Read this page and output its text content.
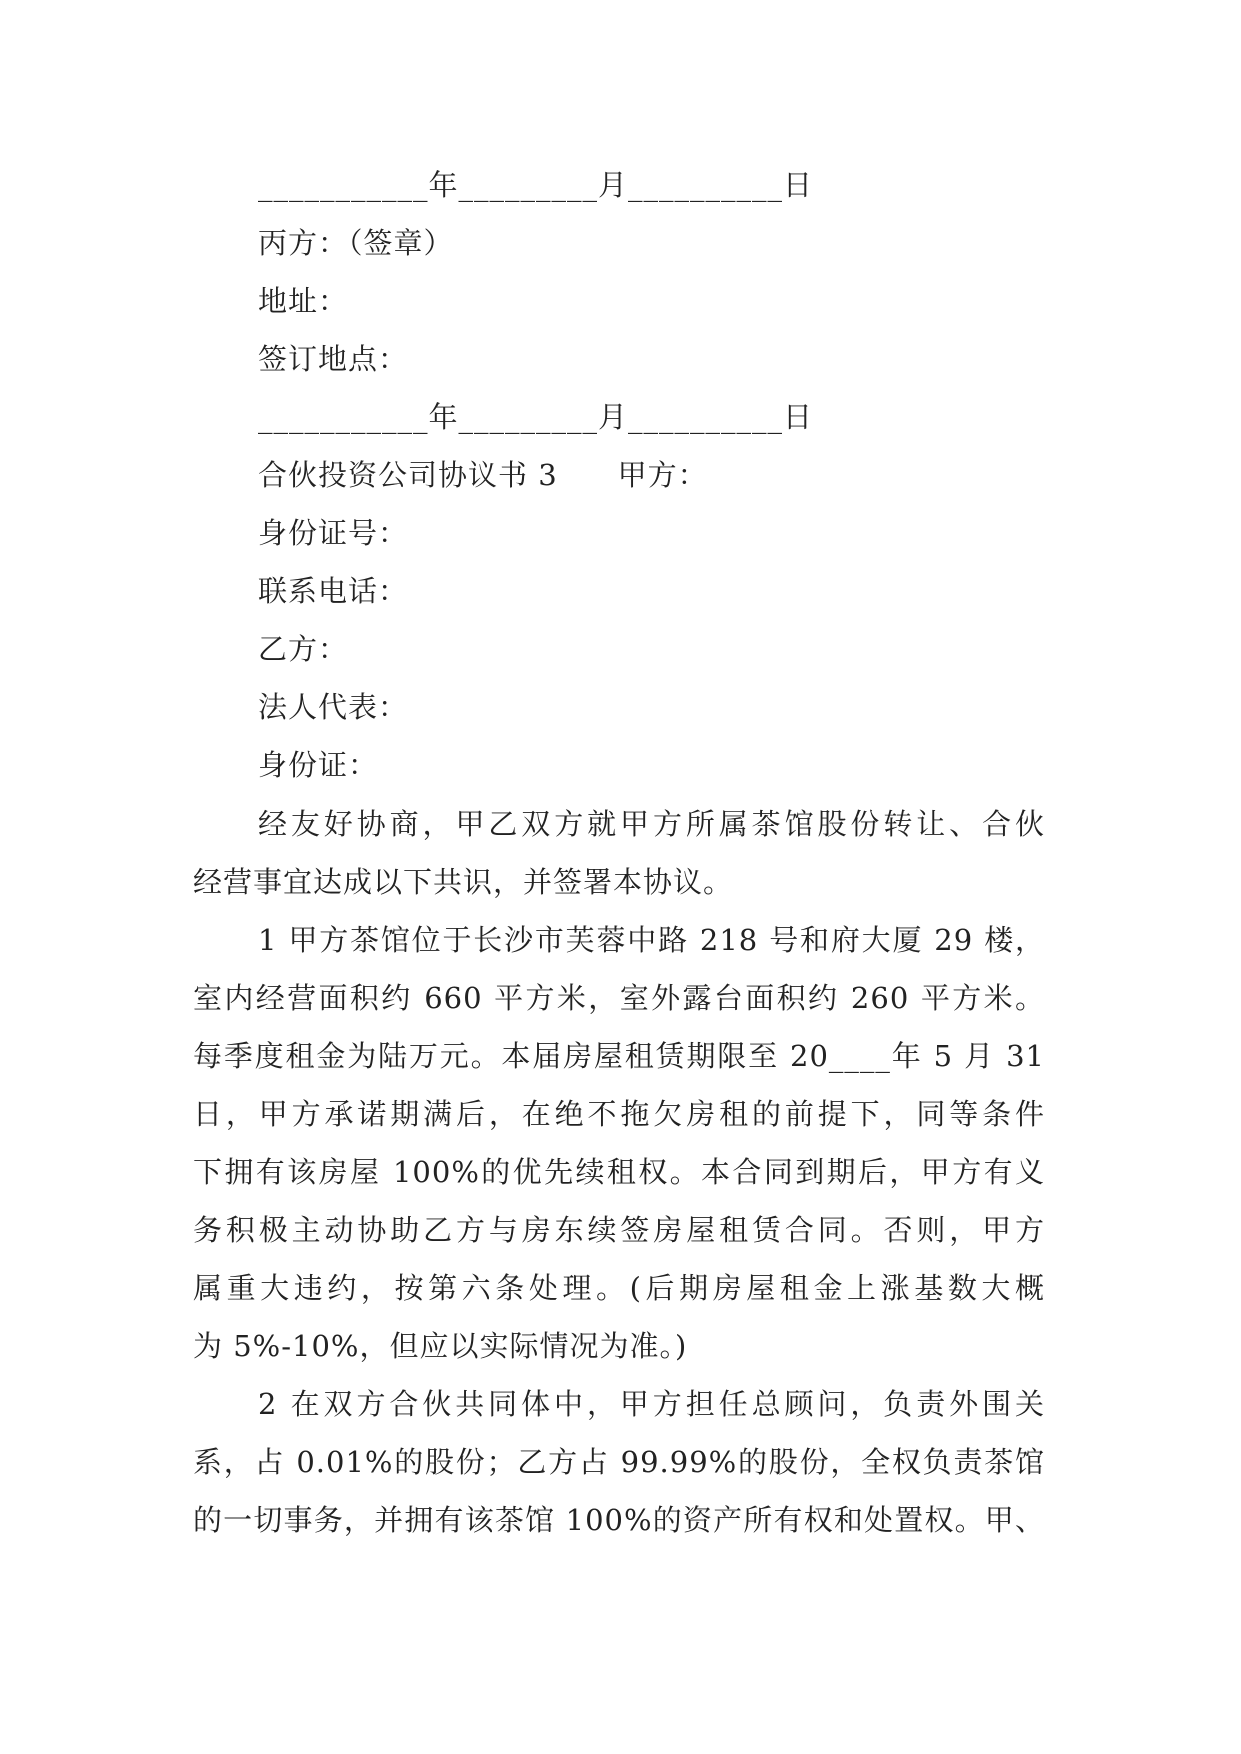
___________年_________月__________日
丙方：（签章）
地址：
签订地点：
___________年_________月__________日
合伙投资公司协议书 3　　甲方：
身份证号：
联系电话：
乙方：
法人代表：
身份证：
经友好协商，甲乙双方就甲方所属茶馆股份转让、合伙
经营事宜达成以下共识，并签署本协议。
1 甲方茶馆位于长沙市芙蓉中路 218 号和府大厦 29 楼，
室内经营面积约 660 平方米，室外露台面积约 260 平方米。
每季度租金为陆万元。本届房屋租赁期限至 20____年 5 月 31
日，甲方承诺期满后，在绝不拖欠房租的前提下，同等条件
下拥有该房屋 100%的优先续租权。本合同到期后，甲方有义
务积极主动协助乙方与房东续签房屋租赁合同。否则，甲方
属重大违约，按第六条处理。(后期房屋租金上涨基数大概
为 5%-10%，但应以实际情况为准。)
2 在双方合伙共同体中，甲方担任总顾问，负责外围关
系，占 0.01%的股份；乙方占 99.99%的股份，全权负责茶馆
的一切事务，并拥有该茶馆 100%的资产所有权和处置权。甲、
